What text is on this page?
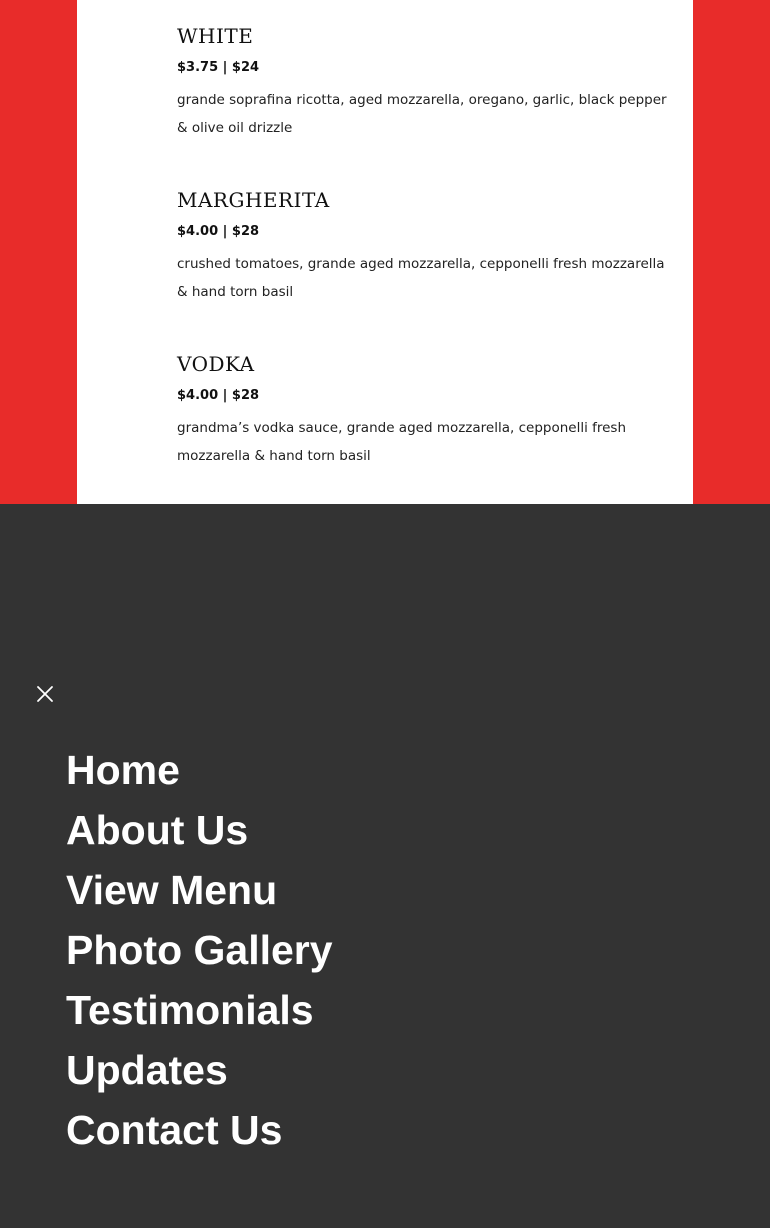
WHITE
$3.75 | $24
grande soprafina ricotta, aged mozzarella, oregano, garlic, black pepper & olive oil drizzle
MARGHERITA
$4.00 | $28
crushed tomatoes, grande aged mozzarella, cepponelli fresh mozzarella & hand torn basil
VODKA
$4.00 | $28
grandma’s vodka sauce, grande aged mozzarella, cepponelli fresh mozzarella & hand torn basil
Home
About Us
View Menu
Photo Gallery
Testimonials
Updates
Contact Us
